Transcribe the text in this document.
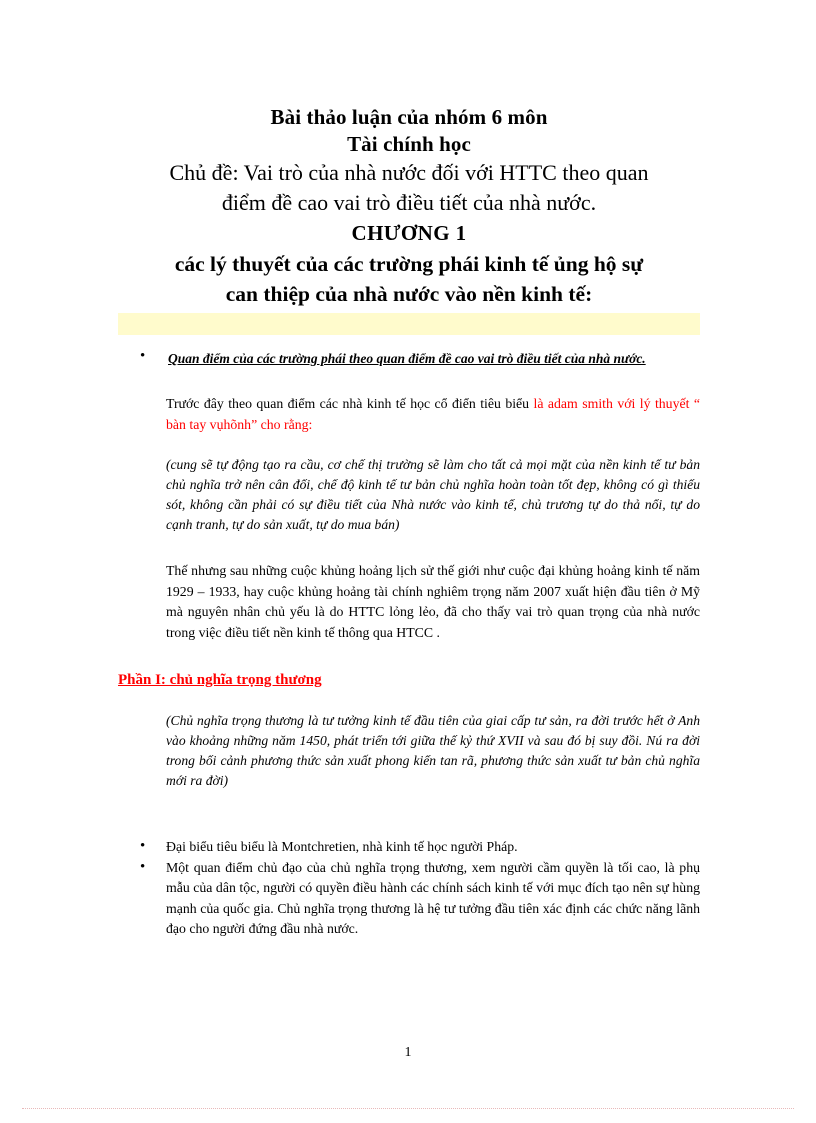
Bài thảo luận của nhóm 6 môn
Tài chính học
Chủ đề: Vai trò của nhà nước đối với HTTC theo quan
điểm đề cao vai trò điều tiết của nhà nước.
CHƯƠNG 1
các lý thuyết của các trường phái kinh tế ủng hộ sự
can thiệp của nhà nước vào nền kinh tế:
• Quan điểm của các trường phái theo quan điểm đề cao vai trò điều tiết của nhà nước.

Trước đây theo quan điểm các nhà kinh tế học cổ điển tiêu biểu là adam smith với lý thuyết “ bàn tay vụhõnh” cho rằng:

(cung sẽ tự động tạo ra cầu, cơ chế thị trường sẽ làm cho tất cả mọi mặt của nền kinh tế tư bản chủ nghĩa trở nên cân đối, chế độ kinh tế tư bản chủ nghĩa hoàn toàn tốt đẹp, không có gì thiếu sót, không cần phải có sự điều tiết của Nhà nước vào kinh tế, chủ trương tự do thả nổi, tự do cạnh tranh, tự do sản xuất, tự do mua bán)

Thế nhưng sau những cuộc khủng hoảng lịch sử thế giới như cuộc đại khủng hoảng kinh tế năm 1929 – 1933, hay cuộc khủng hoảng tài chính nghiêm trọng năm 2007 xuất hiện đầu tiên ở Mỹ mà nguyên nhân chủ yếu là do HTTC lỏng lẻo, đã cho thấy vai trò quan trọng của nhà nước trong việc điều tiết nền kinh tế thông qua HTCC .

Phần I: chủ nghĩa trọng thương

(Chủ nghĩa trọng thương là tư tưởng kinh tế đầu tiên của giai cấp tư sản, ra đời trước hết ở Anh vào khoảng những năm 1450, phát triển tới giữa thế kỷ thứ XVII và sau đó bị suy đồi. Nú ra đời trong bối cảnh phương thức sản xuất phong kiến tan rã, phương thức sản xuất tư bản chủ nghĩa mới ra đời)

• Đại biểu tiêu biểu là Montchretien, nhà kinh tế học người Pháp.
• Một quan điểm chủ đạo của chủ nghĩa trọng thương, xem người cầm quyền là tối cao, là phụ mẫu của dân tộc, người có quyền điều hành các chính sách kinh tế với mục đích tạo nên sự hùng mạnh của quốc gia. Chủ nghĩa trọng thương là hệ tư tưởng đầu tiên xác định các chức năng lãnh đạo cho người đứng đầu nhà nước.
1
